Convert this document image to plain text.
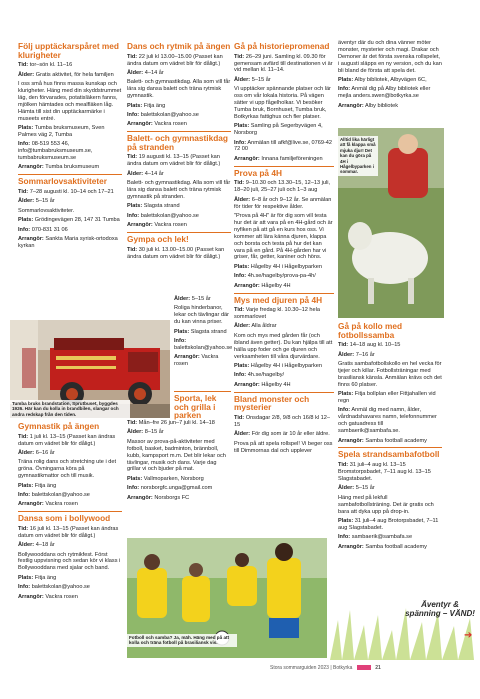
Följ upptäckarspåret med klurigheter

Tid: tor–sön kl. 11–16

Ålder: Gratis aktivitet, för hela familjen

I oss små hus finns massa kunskap och klurigheter. Häng med din skyddstrummet läg, den förvarades, potatisläkern fanns, mjölken hämtades och mealfläken låg. Hämta till sist din upptäckarmärke i museets entré.

Plats: Tumba bruksmuseum, Sven Palmes väg 2, Tumba

Info: 08-519 553 46, info@tumbabruksmuseum.se, tumbabruksmuseum.se

Arrangör: Tumba bruksmuseum

Sommarlovsaktiviteter

Tid: 7–28 augusti kl. 10–14 och 17–21

Ålder: 5–15 år

Sommarlovsaktiviteter.

Plats: Grödingevägen 28, 147 31 Tumba

Info: 070-831 31 06

Arrangör: Sankta Maria syrisk-ortodoxa kyrkan

Tumba bruks brandstation, Sprutbuset, byggdes 1926. Här kan du kolla in brandbilen, slangar och andra redskap från den tiden.
Gymnastik på ängen

Tid: 1 juli kl. 13–15 (Passet kan ändras datum om vädret blir för dåligt.)

Ålder: 6–16 år

Träna rolig dans och stretching ute i det gröna. Övningarna köra på gymnastikmattor och till musik.

Plats: Fitja äng

Info: balettskolan@yahoo.se

Arrangör: Vackra rosen

Dansa som i bollywood

Tid: 16 juli kl. 13–15 (Passet kan ändras datum om vädret blir för dåligt.)

Ålder: 4–18 år

Bollywooddans och rytmikfest. Först festlig uppvisning och sedan kör vi klass i Bollywooddans med sjalar och band.

Plats: Fitja äng

Info: balettskolan@yahoo.se

Arrangör: Vackra rosen

Dans och rytmik på ängen

Tid: 22 juli kl 13.00–15.00 (Passet kan ändra datum om vädret blir för dåligt.)

Ålder: 4–14 år

Balett- och gymnastikdag. Alla som vill får lära sig dansa balett och träna rytmisk gymnastik.

Plats: Fitja äng

Info: balettskolan@yahoo.se

Arrangör: Vackra rosen

Balett- och gymnastikdag på stranden

Tid: 19 augusti kl. 13–15 (Passet kan ändra datum om vädret blir för dåligt.)

Ålder: 4–14 år

Balett- och gymnastikdag. Alla som vill får lära sig dansa balett och träna rytmisk gymnastik på stranden.

Plats: Slagsta strand

Info: balettskolan@yahoo.se

Arrangör: Vackra rosen

Gympa och lek!

Tid: 30 juli kl. 13.00–15.00 (Passet kan ändra datum om vädret blir för dåligt.)

Ålder: 5–15 år

Roliga hinderbanor, lekar och tävlingar där du kan vinna priser.

Plats: Slagsta strand

Info: balettskolan@yahoo.se

Arrangör: Vackra rosen

Sporta, lek och grilla i parken

Tid: Mån–fre 26 jun–7 juli kl. 14–18

Ålder: 8–15 år

Massor av prova-på-aktiviteter med fotboll, basket, badminton, brännboll, kubb, kampsport m.m. Det blir lekar och tävlingar, musik och dans. Varje dag grillar vi och bjuder på mat.

Plats: Vallmoparken, Norsborg

Info: norsborgfc.unga@gmail.com

Arrangör: Norsborgs FC

Fotboll och samba? Ja, mäh. Häng med på att kolla och träna fotboll på brasiliansk vis.
Gå på historiepromenad

Tid: 26–29 juni. Samling kl. 09.30 för gemensam avfärd till destinationen vi är vid mellan kl. 11–14.

Ålder: 5–15 år

Vi upptäcker spännande platser och lär oss om vår lokala historia. På vägen sätter vi upp fågelholkar. Vi besöker Tumba bruk, Bornhuset, Tumba bruk, Botkyrkas fattighus och fler platser.

Plats: Samling på Segerbyvägen 4, Norsborg

Info: Anmälan till afkf@live.se, 0769-42 72 00

Arrangör: Innana familjeföreningen

Prova på 4H

Tid: 9–10.30 och 13.30–15, 12–13 juli, 18–20 juli, 25–27 juli och 1–3 aug

Ålder: 6–8 år och 9–12 år. Se anmälan för tider för respektive ålder.

"Prova på 4H" är för dig som vill testa hur det är att vara på en 4H-gård och är nyfiken på att gå en kurs hos oss. Vi kommer att lära känna djuren, klappa och borsta och testa på hur det kan vara på en gård. På 4H-gården har vi griser, får, getter, kaniner och höns.

Plats: Hågelby 4H i Hågelbyparken

Info: 4h.se/hagelby/prova-pa-4h/

Arrangör: Hågelby 4H

Mys med djuren på 4H

Tid: Varje fredag kl. 10.30–12 hela sommarlovet

Ålder: Alla åldrar

Kom och mys med gården får (och ibland även getter). Du kan hjälpa till att hälla upp foder och ge djuren och verksamheten till våra djurvärdare.

Plats: Hågelby 4H i Hågelbyparken

Info: 4h.se/hagelby/

Arrangör: Hågelby 4H

Bland monster och mysterier

Tid: Onsdagar 2/8, 9/8 och 16/8 kl 12–15

Ålder: För dig som är 10 år eller äldre.

Prova på att spela rollspel! Vi beger oss till Dimmornas dal och upplever

äventyr där du och dina vänner möter monster, mysterier och magi. Drakar och Demoner är det första svenska rollspelet, i augusti släpps en ny version, och du kan bli bland de första att spela det.

Plats: Alby bibliotek, Albyvägen 6C,

Info: Anmäl dig på Alby bibliotek eller mejla anders.swen@botkyrka.se

Arrangör: Alby bibliotek

Alltid lika härligt att få klappa små mjuka djur! Det kan du göra på 4H i Hågelbyparken i sommar.
Gå på kollo med fotbollssamba

Tid: 14–18 aug kl. 10–15

Ålder: 7–16 år

Gratis sambafotbollskollo en hel vecka för tjejer och killar. Fotbollsträningar med brasiliansk känsla. Anmälan krävs och det finns 60 platser.

Plats: Fitja bollplan eller Fittjahallen vid regn

Info: Anmäl dig med namn, ålder, vårdnadshavares namn, telefonnummer och gatuadress till sambaerik@sambafa.se.

Arrangör: Samba football academy

Spela strandsambafotboll

Tid: 31 juli–4 aug kl. 13–15 Bromstorpsbadet, 7–11 aug kl. 13–15 Slagstabadet.

Ålder: 5–15 år

Häng med på lekfull sambafotbollsträning. Det är gratis och bara att dyka upp på drop-in.

Plats: 31 juli–4 aug Brotorpsbadet, 7–11 aug Slagstabadet.

Info: sambaerik@sambafa.se

Arrangör: Samba football academy

Äventyr & spänning – VÄND!
➔
Stora sommarguiden 2023 | Botkyrka	21
